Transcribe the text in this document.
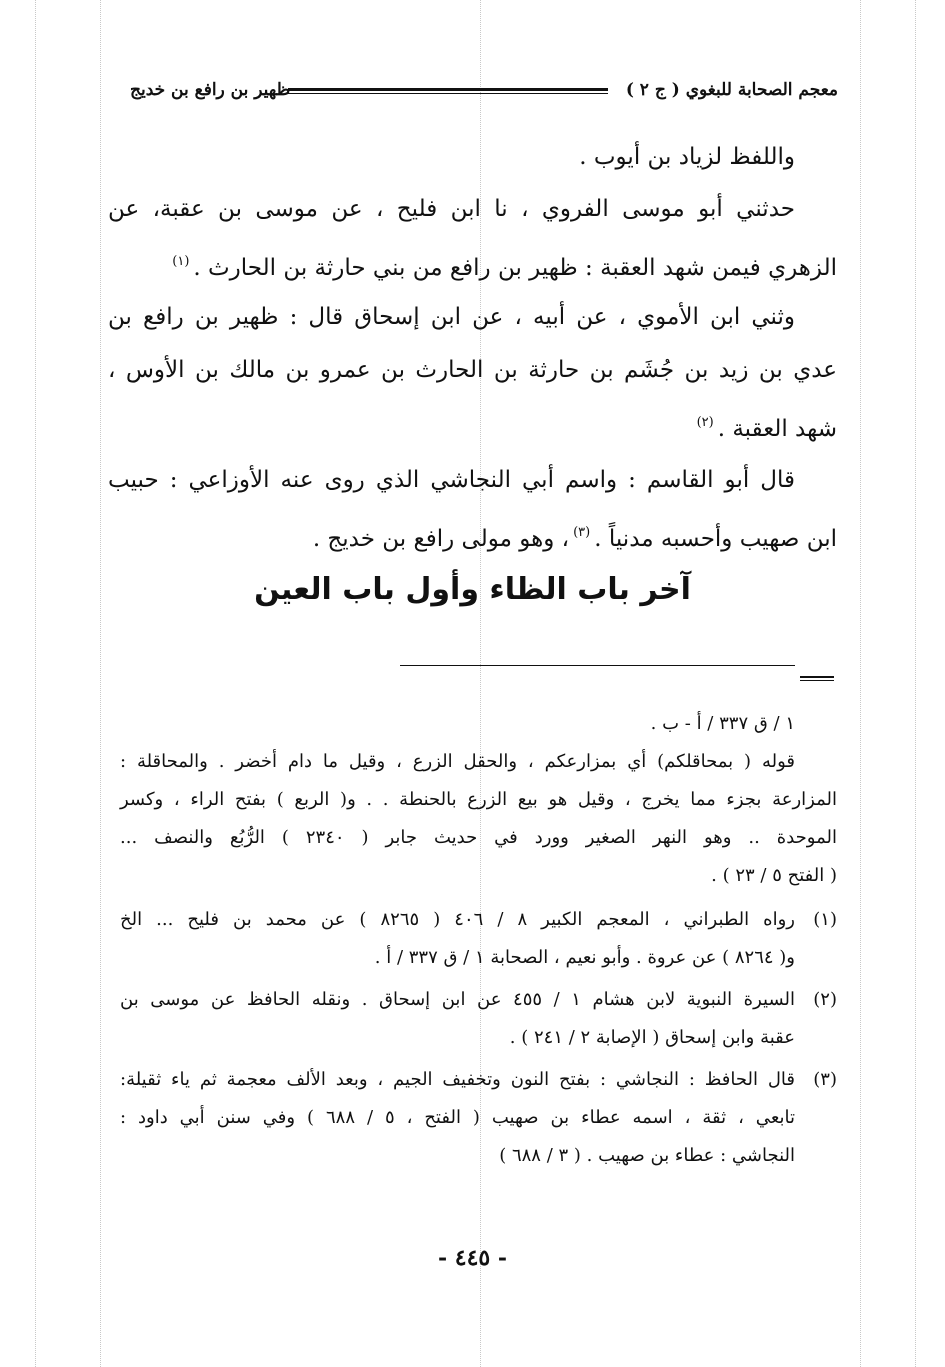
معجم الصحابة للبغوي ( ج ٢ )
ظهير بن رافع بن خديج
واللفظ لزياد بن أيوب .
حدثني أبو موسى الفروي ، نا ابن فليح ، عن موسى بن عقبة، عن
الزهري فيمن شهد العقبة : ظهير بن رافع من بني حارثة بن الحارث .$^{(١)}$
وثني ابن الأموي ، عن أبيه ، عن ابن إسحاق قال : ظهير بن رافع بن
عدي بن زيد بن جُشَم بن حارثة بن الحارث بن عمرو بن مالك بن الأوس ،
شهد العقبة .$^{(٢)}$
قال أبو القاسم : واسم أبي النجاشي الذي روى عنه الأوزاعي : حبيب
ابن صهيب وأحسبه مدنياً .$^{(٣)}$، وهو مولى رافع بن خديج .
آخر باب الظاء وأول باب العين
١ / ق ٣٣٧ / أ - ب .
قوله ( بمحاقلكم) أي بمزارعكم ، والحقل الزرع ، وقيل ما دام أخضر . والمحاقلة :
المزارعة بجزء مما يخرج ، وقيل هو بيع الزرع بالحنطة . . و( الربع ) بفتح الراء ، وكسر
الموحدة .. وهو النهر الصغير وورد في حديث جابر ( ٢٣٤٠ ) الرُّبُع والنصف ...
( الفتح ٥ / ٢٣ ) .
(١)
رواه الطبراني ، المعجم الكبير ٨ / ٤٠٦ ( ٨٢٦٥ ) عن محمد بن فليح ... الخ
و( ٨٢٦٤ ) عن عروة . وأبو نعيم ، الصحابة ١ / ق ٣٣٧ / أ .
(٢)
السيرة النبوية لابن هشام ١ / ٤٥٥ عن ابن إسحاق . ونقله الحافظ عن موسى بن
عقبة وابن إسحاق ( الإصابة ٢ / ٢٤١ ) .
(٣)
قال الحافظ : النجاشي : بفتح النون وتخفيف الجيم ، وبعد الألف معجمة ثم ياء ثقيلة:
تابعي ، ثقة ، اسمه عطاء بن صهيب ( الفتح ، ٥ / ٦٨٨ ) وفي سنن أبي داود :
النجاشي : عطاء بن صهيب . ( ٣ / ٦٨٨ )
- ٤٤٥ -
